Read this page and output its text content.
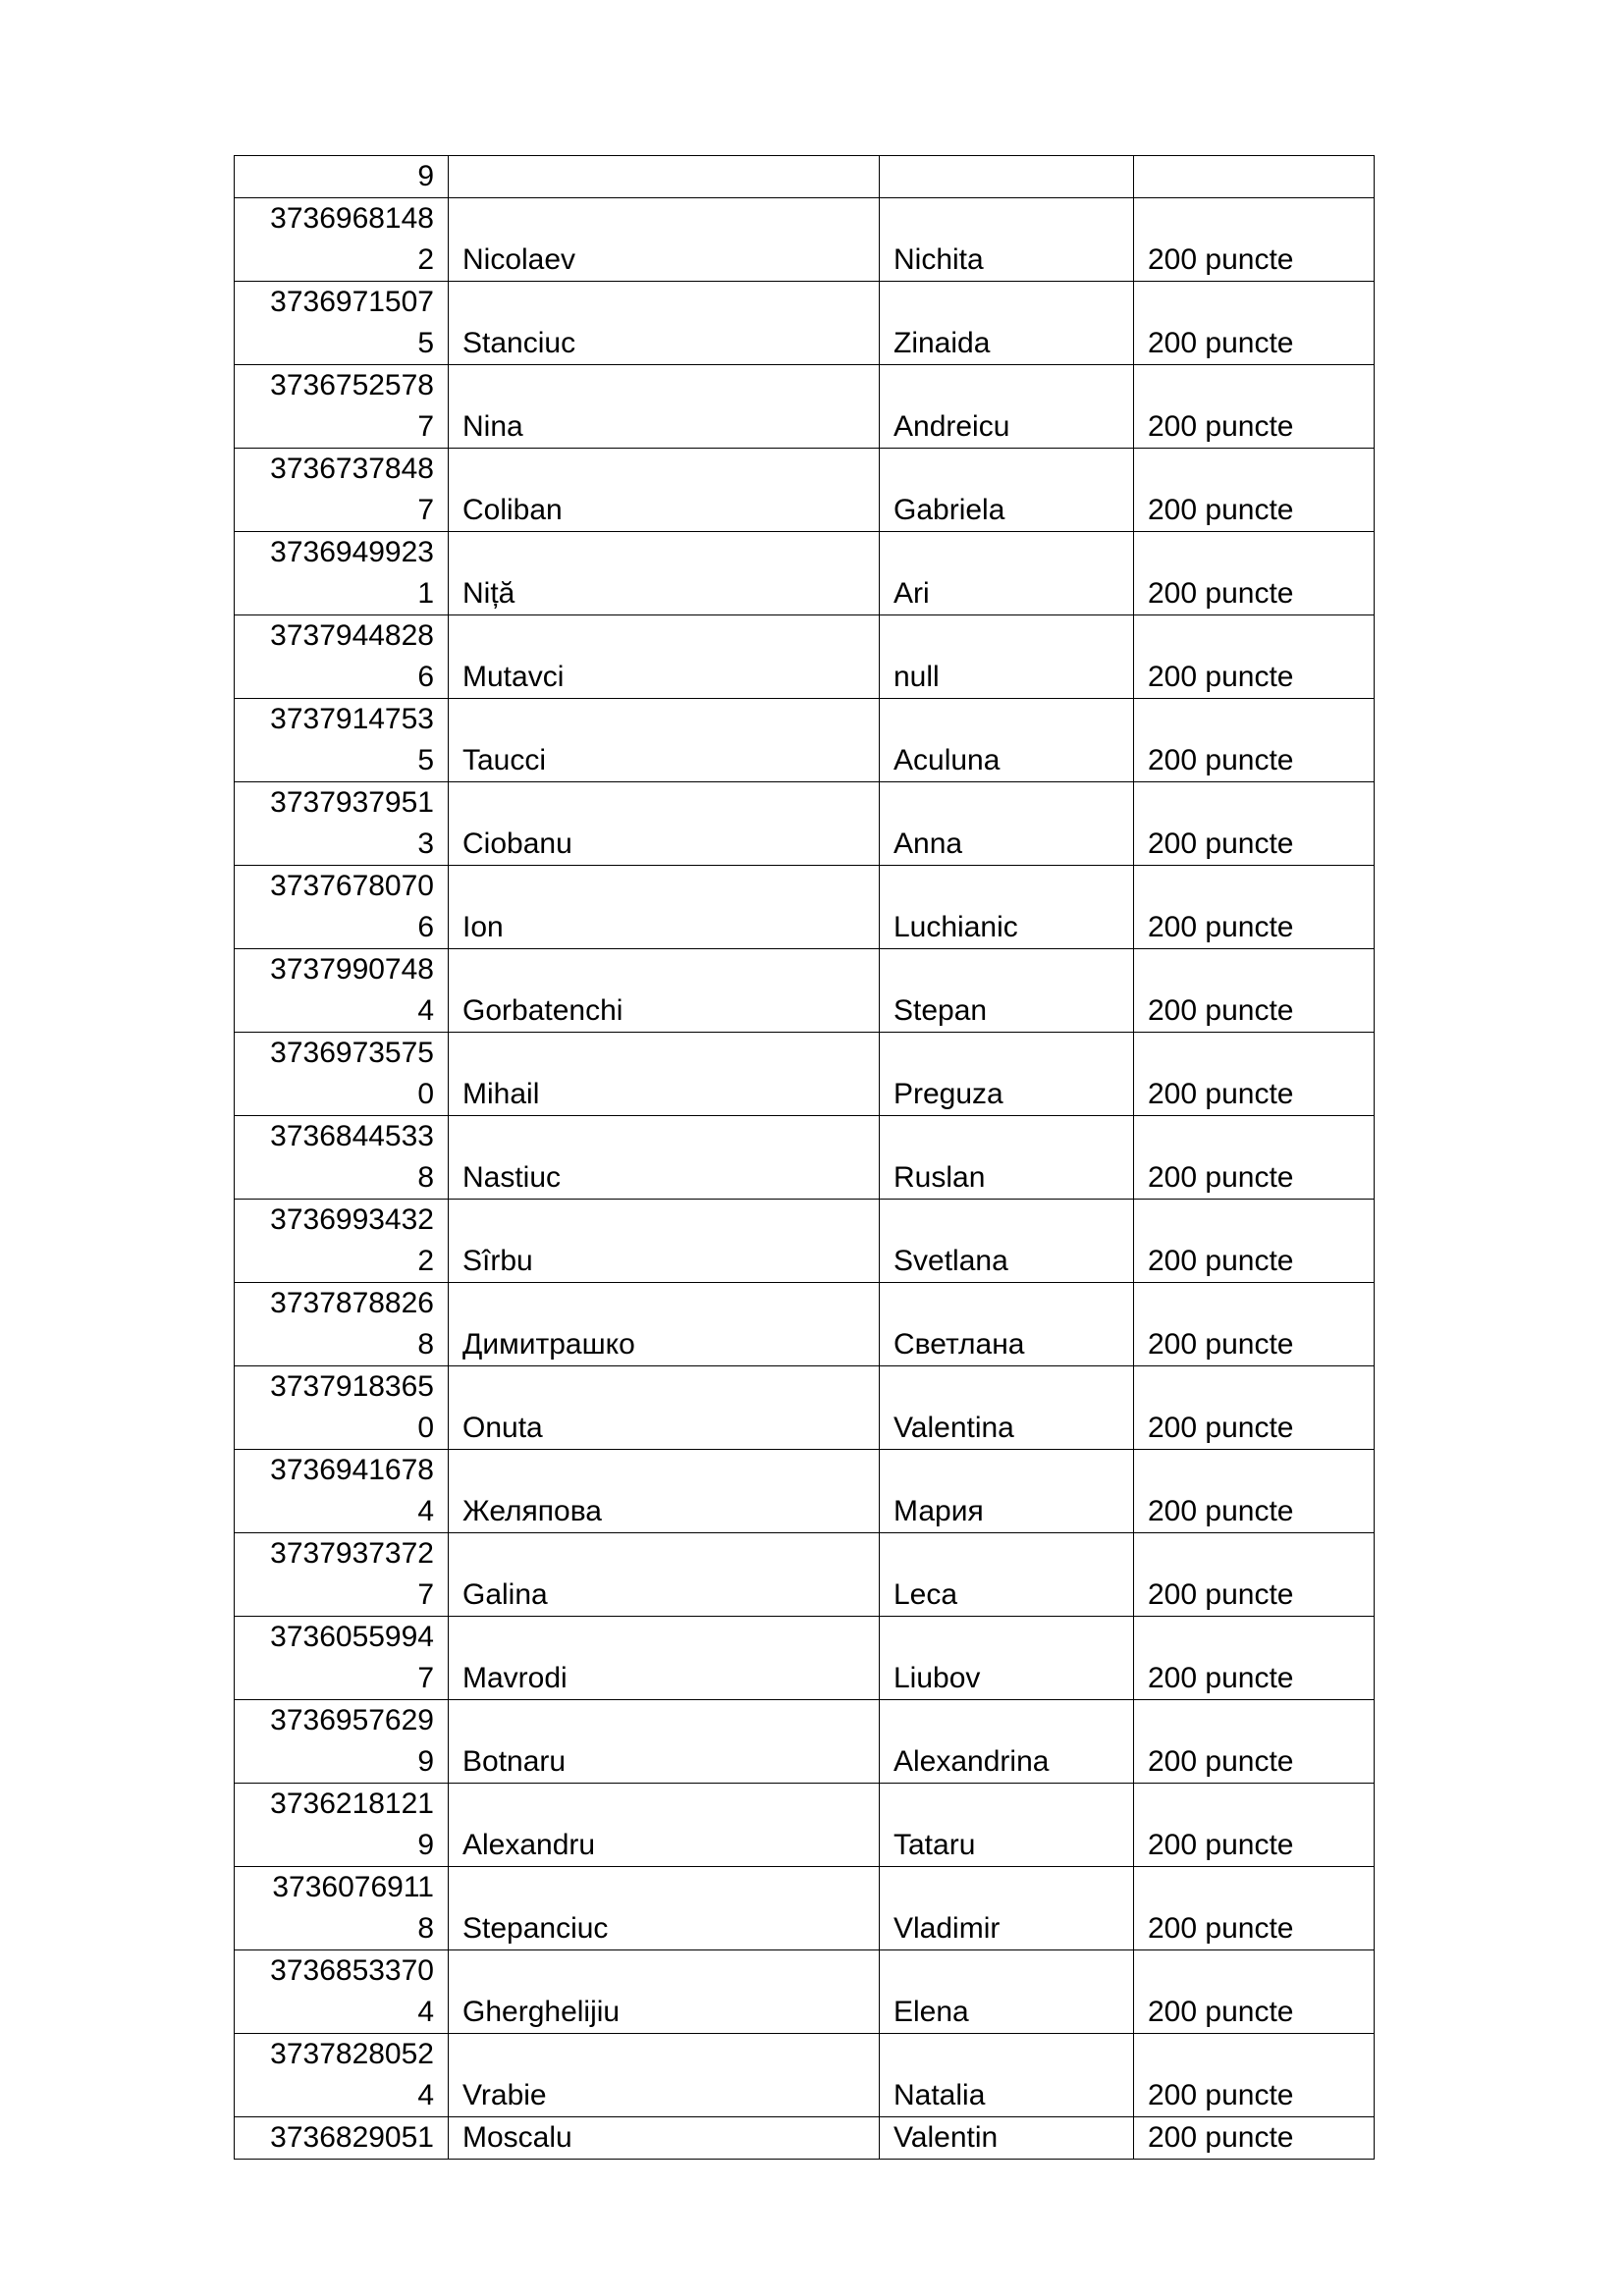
9			
3736968148
2	Nicolaev	Nichita	200 puncte
3736971507
5	Stanciuc	Zinaida	200 puncte
3736752578
7	Nina	Andreicu	200 puncte
3736737848
7	Coliban	Gabriela	200 puncte
3736949923
1	Niță	Ari	200 puncte
3737944828
6	Mutavci	null	200 puncte
3737914753
5	Taucci	Aculuna	200 puncte
3737937951
3	Ciobanu	Anna	200 puncte
3737678070
6	Ion	Luchianic	200 puncte
3737990748
4	Gorbatenchi	Stepan	200 puncte
3736973575
0	Mihail	Preguza	200 puncte
3736844533
8	Nastiuc	Ruslan	200 puncte
3736993432
2	Sîrbu	Svetlana	200 puncte
3737878826
8	Димитрашко	Светлана	200 puncte
3737918365
0	Onuta	Valentina	200 puncte
3736941678
4	Желяпова	Мария	200 puncte
3737937372
7	Galina	Leca	200 puncte
3736055994
7	Mavrodi	Liubov	200 puncte
3736957629
9	Botnaru	Alexandrina	200 puncte
3736218121
9	Alexandru	Tataru	200 puncte
3736076911
8	Stepanciuc	Vladimir	200 puncte
3736853370
4	Gherghelijiu	Elena	200 puncte
3737828052
4	Vrabie	Natalia	200 puncte
3736829051	Moscalu	Valentin	200 puncte
